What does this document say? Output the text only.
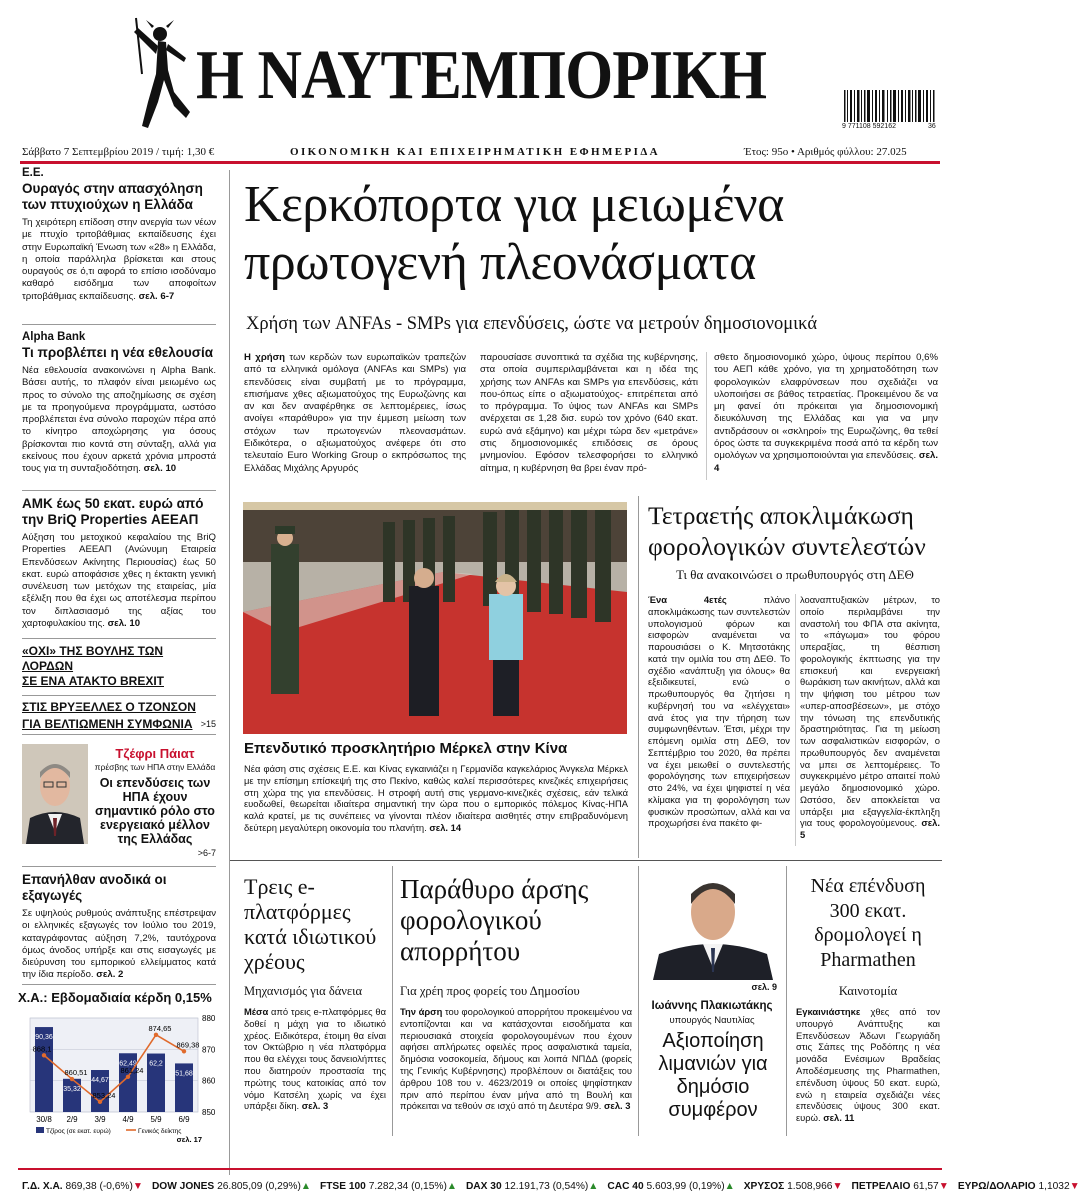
Η ΝΑΥΤΕΜΠΟΡΙΚΗ
9 771108 592162	36
Σάββατο 7 Σεπτεμβρίου 2019 / τιμή: 1,30 €	ΟΙΚΟΝΟΜΙΚΗ ΚΑΙ ΕΠΙΧΕΙΡΗΜΑΤΙΚΗ ΕΦΗΜΕΡΙΔΑ	Έτος: 95ο • Αριθμός φύλλου: 27.025
Ε.Ε.
Ουραγός στην απασχόληση των πτυχιούχων η Ελλάδα
Τη χειρότερη επίδοση στην ανεργία των νέων με πτυχίο τριτοβάθμιας εκπαίδευσης έχει στην Ευρωπαϊκή Ένωση των «28» η Ελλάδα, η οποία παράλληλα βρίσκεται και στους ουραγούς σε ό,τι αφορά το επίσιο ισοδύναμο καθαρό εισόδημα των αποφοίτων τριτοβάθμιας εκπαίδευσης. σελ. 6-7
Alpha Bank
Τι προβλέπει η νέα εθελουσία
Νέα εθελουσία ανακοινώνει η Alpha Bank. Βάσει αυτής, το πλαφόν είναι μειωμένο ως προς το σύνολο της αποζημίωσης σε σχέση με τα προηγούμενα προγράμματα, ωστόσο προβλέπεται ένα σύνολο παροχών πέρα από το κίνητρο αποχώρησης για όσους βρίσκονται πιο κοντά στη σύνταξη, αλλά για εκείνους που έχουν αρκετά χρόνια μπροστά τους για τη συνταξιοδότηση. σελ. 10
ΑΜΚ έως 50 εκατ. ευρώ από την BriQ Properties ΑΕΕΑΠ
Αύξηση του μετοχικού κεφαλαίου της BriQ Properties ΑΕΕΑΠ (Ανώνυμη Εταιρεία Επενδύσεων Ακίνητης Περιουσίας) έως 50 εκατ. ευρώ αποφάσισε χθες η έκτακτη γενική συνέλευση των μετόχων της εταιρείας, μία εξέλιξη που θα έχει ως αποτέλεσμα περίπου τον διπλασιασμό της αξίας του χαρτοφυλακίου της. σελ. 10
«ΟΧΙ» ΤΗΣ ΒΟΥΛΗΣ ΤΩΝ ΛΟΡΔΩΝ
ΣΕ ΕΝΑ ΑΤΑΚΤΟ BREXIT
ΣΤΙΣ ΒΡΥΞΕΛΛΕΣ Ο ΤΖΟΝΣΟΝ
ΓΙΑ ΒΕΛΤΙΩΜΕΝΗ ΣΥΜΦΩΝΙΑ >15
Τζέφρι Πάιατ
πρέσβης των ΗΠΑ στην Ελλάδα
Οι επενδύσεις των ΗΠΑ έχουν σημαντικό ρόλο στο ενεργειακό μέλλον της Ελλάδας
>6-7
Επανήλθαν ανοδικά οι εξαγωγές
Σε υψηλούς ρυθμούς ανάπτυξης επέστρεψαν οι ελληνικές εξαγωγές τον Ιούλιο του 2019, καταγράφοντας αύξηση 7,2%, ταυτόχρονα όμως άνοδος υπήρξε και στις εισαγωγές με διεύρυνση του εμπορικού ελλείμματος κατά την ίδια περίοδο. σελ. 2
Χ.Α.: Εβδομαδιαία κέρδη 0,15%
880
870
860
850
90,36
30/8
35,32
2/9
44,67
3/9
62,49
4/9
62,2
5/9
51,68
6/9
868,1
860,51
853,24
861,24
874,65
869,38
Τζίρος (σε εκατ. ευρώ)	Γενικός δείκτης
σελ. 17
Κερκόπορτα για μειωμένα
πρωτογενή πλεονάσματα
Χρήση των ANFAs - SMPs για επενδύσεις, ώστε να μετρούν δημοσιονομικά
Η χρήση των κερδών των ευρωπαϊκών τραπεζών από τα ελληνικά ομόλογα (ANFAs και SMPs) για επενδύσεις είναι συμβατή με το πρόγραμμα, επισήμανε χθες αξιωματούχος της Ευρωζώνης και αν και δεν αναφέρθηκε σε λεπτομέρειες, ίσως ανοίγει «παράθυρο» για την έμμεση μείωση των στόχων των πρωτογενών πλεονασμάτων. Ειδικότερα, ο αξιωματούχος ανέφερε ότι στο τελευταίο Euro Working Group ο εκπρόσωπος της Ελλάδας Μιχάλης Αργυρός
παρουσίασε συνοπτικά τα σχέδια της κυβέρνησης, στα οποία συμπεριλαμβάνεται και η ιδέα της χρήσης των ANFAs και SMPs για επενδύσεις, κάτι που-όπως είπε ο αξιωματούχος- επιτρέπεται από το πρόγραμμα. Το ύψος των ANFAs και SMPs ανέρχεται σε 1,28 δισ. ευρώ τον χρόνο (640 εκατ. ευρώ ανά εξάμηνο) και μέχρι τώρα δεν «μετράνε» στις δημοσιονομικές επιδόσεις σε όρους μνημονίου. Εφόσον τελεσφορήσει το ελληνικό αίτημα, η κυβέρνηση θα βρει έναν πρό-
σθετο δημοσιονομικό χώρο, ύψους περίπου 0,6% του ΑΕΠ κάθε χρόνο, για τη χρηματοδότηση των φορολογικών ελαφρύνσεων που σχεδιάζει να υλοποιήσει σε βάθος τετραετίας. Προκειμένου δε να μη φανεί ότι πρόκειται για δημοσιονομική διευκόλυνση της Ελλάδας και για να μην αντιδράσουν οι «σκληροί» της Ευρωζώνης, θα τεθεί όρος ώστε τα συγκεκριμένα ποσά από τα κέρδη των ομολόγων να χρησιμοποιούνται για επενδύσεις. σελ. 4
Επενδυτικό προσκλητήριο Μέρκελ στην Κίνα
Νέα φάση στις σχέσεις Ε.Ε. και Κίνας εγκαινιάζει η Γερμανίδα καγκελάριος Άνγκελα Μέρκελ με την επίσημη επίσκεψή της στο Πεκίνο, καθώς καλεί περισσότερες κινεζικές επιχειρήσεις στη χώρα της για επενδύσεις. Η στροφή αυτή στις γερμανο-κινεζικές σχέσεις, εάν τελικά ευοδωθεί, θεωρείται ιδιαίτερα σημαντική την ώρα που ο εμπορικός πόλεμος Κίνας-ΗΠΑ καλά κρατεί, με τις συνέπειες να γίνονται πλέον ιδιαίτερα αισθητές στην επιβραδυνόμενη δεύτερη μεγαλύτερη οικονομία του πλανήτη. σελ. 14
Τετραετής αποκλιμάκωση
φορολογικών συντελεστών
Τι θα ανακοινώσει ο πρωθυπουργός στη ΔΕΘ
Ένα 4ετές	πλάνο αποκλιμάκωσης των συντελεστών υπολογισμού φόρων και εισφορών αναμένεται να παρουσιάσει ο Κ. Μητσοτάκης κατά την ομιλία του στη ΔΕΘ. Το σχέδιο «ανάπτυξη για όλους» θα εξειδικευτεί, ενώ ο πρωθυπουργός θα ζητήσει η κυβέρνησή του να «ελέγχεται» ανά έτος για την τήρηση των συμφωνηθέντων. Έτσι, μέχρι την επόμενη ομιλία στη ΔΕΘ, τον Σεπτέμβριο του 2020, θα πρέπει να έχει μειωθεί ο συντελεστής φορολόγησης των επιχειρήσεων στο 24%, να έχει ψηφιστεί η νέα κλίμακα για τη φορολόγηση των φυσικών προσώπων, αλλά και να προχωρήσει ένα πακέτο φι-
λοαναπτυξιακών μέτρων, το οποίο περιλαμβάνει την αναστολή του ΦΠΑ στα ακίνητα, το «πάγωμα» του φόρου υπεραξίας, τη θέσπιση φορολογικής έκπτωσης για την επισκευή και ενεργειακή θωράκιση των ακινήτων, αλλά και την ψήφιση του μέτρου των «υπερ-αποσβέσεων», με στόχο την τόνωση της επενδυτικής δραστηριότητας. Για τη μείωση των ασφαλιστικών εισφορών, ο πρωθυπουργός δεν αναμένεται να μπει σε λεπτομέρειες. Το συγκεκριμένο μέτρο απαιτεί πολύ μεγάλο δημοσιονομικό χώρο. Ωστόσο, δεν αποκλείεται να υπάρξει μια εξαγγελία-έκπληξη για τους φορολογούμενους. σελ. 5
Τρεις e-πλατφόρμες κατά ιδιωτικού χρέους
Μηχανισμός για δάνεια
Μέσα από τρεις e-πλατφόρμες θα δοθεί η μάχη για το ιδιωτικό χρέος. Ειδικότερα, έτοιμη θα είναι τον Οκτώβριο η νέα πλατφόρμα που θα ελέγχει τους δανειολήπτες που διατηρούν προστασία της πρώτης τους κατοικίας από τον νόμο Κατσέλη χωρίς να έχει υπάρξει δίκη. σελ. 3
Παράθυρο άρσης φορολογικού απορρήτου
Για χρέη προς φορείς του Δημοσίου
Την άρση του φορολογικού απορρήτου προκειμένου να εντοπίζονται και να κατάσχονται εισοδήματα και περιουσιακά στοιχεία φορολογουμένων που έχουν αφήσει απλήρωτες οφειλές προς ασφαλιστικά ταμεία, δημόσια νοσοκομεία, δήμους και λοιπά ΝΠΔΔ (φορείς της Γενικής Κυβέρνησης) προβλέπουν οι διατάξεις του άρθρου 108 του ν. 4623/2019 οι οποίες ψηφίστηκαν πριν από περίπου έναν μήνα από τη Βουλή και πρόκειται να τεθούν σε ισχύ από τη Δευτέρα 9/9. σελ. 3
σελ. 9
Ιωάννης Πλακιωτάκης
υπουργός Ναυτιλίας
Αξιοποίηση λιμανιών για δημόσιο συμφέρον
Νέα επένδυση 300 εκατ. δρομολογεί η Pharmathen
Καινοτομία
Εγκαινιάστηκε χθες από τον υπουργό Ανάπτυξης και Επενδύσεων Άδωνι Γεωργιάδη στις Σάπες της Ροδόπης η νέα μονάδα Ενέσιμων Βραδείας Αποδέσμευσης της Pharmathen, επένδυση ύψους 50 εκατ. ευρώ, ενώ η εταιρεία σχεδιάζει νέες επενδύσεις ύψους 300 εκατ. ευρώ. σελ. 11
Γ.Δ. Χ.Α. 869,38 (-0,6%)▼ DOW JONES 26.805,09 (0,29%)▲ FTSE 100 7.282,34 (0,15%)▲ DAX 30 12.191,73 (0,54%)▲ CAC 40 5.603,99 (0,19%)▲ ΧΡΥΣΟΣ 1.508,966▼ ΠΕΤΡΕΛΑΙΟ 61,57▼ ΕΥΡΩ/ΔΟΛΑΡΙΟ 1,1032▼
